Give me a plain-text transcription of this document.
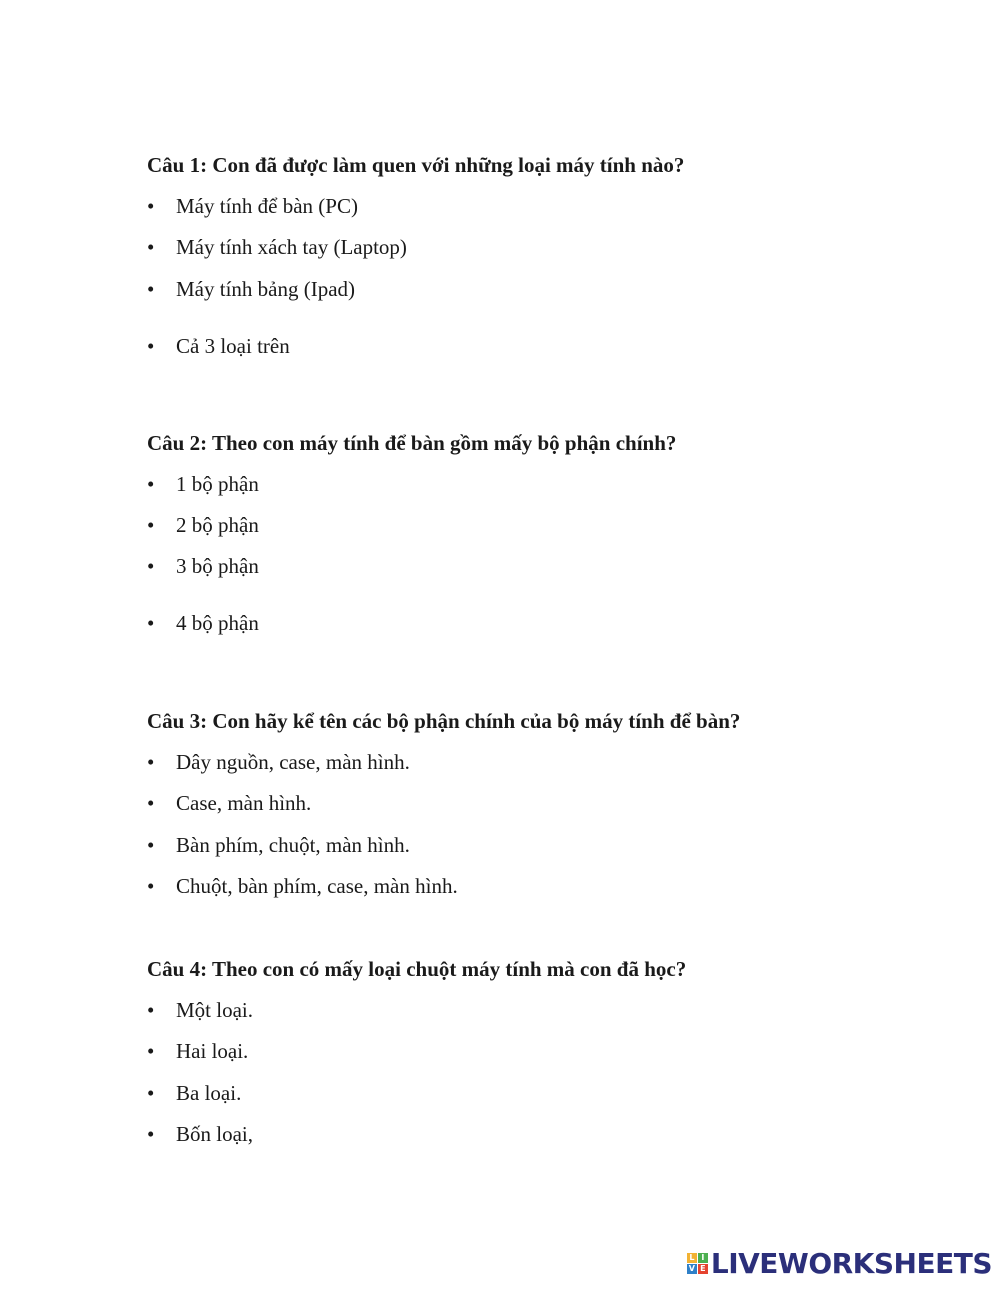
Câu 1: Con đã được làm quen với những loại máy tính nào?

• Máy tính để bàn (PC)
• Máy tính xách tay (Laptop)
• Máy tính bảng (Ipad)
• Cả 3 loại trên

Câu 2: Theo con máy tính để bàn gồm mấy bộ phận chính?

• 1 bộ phận
• 2 bộ phận
• 3 bộ phận
• 4 bộ phận

Câu 3: Con hãy kể tên các bộ phận chính của bộ máy tính để bàn?

• Dây nguồn, case, màn hình.
• Case, màn hình.
• Bàn phím, chuột, màn hình.
• Chuột, bàn phím, case, màn hình.

Câu 4: Theo con có mấy loại chuột máy tính mà con đã học?

• Một loại.
• Hai loại.
• Ba loại.
• Bốn loại,
L I
V E LIVEWORKSHEETS
